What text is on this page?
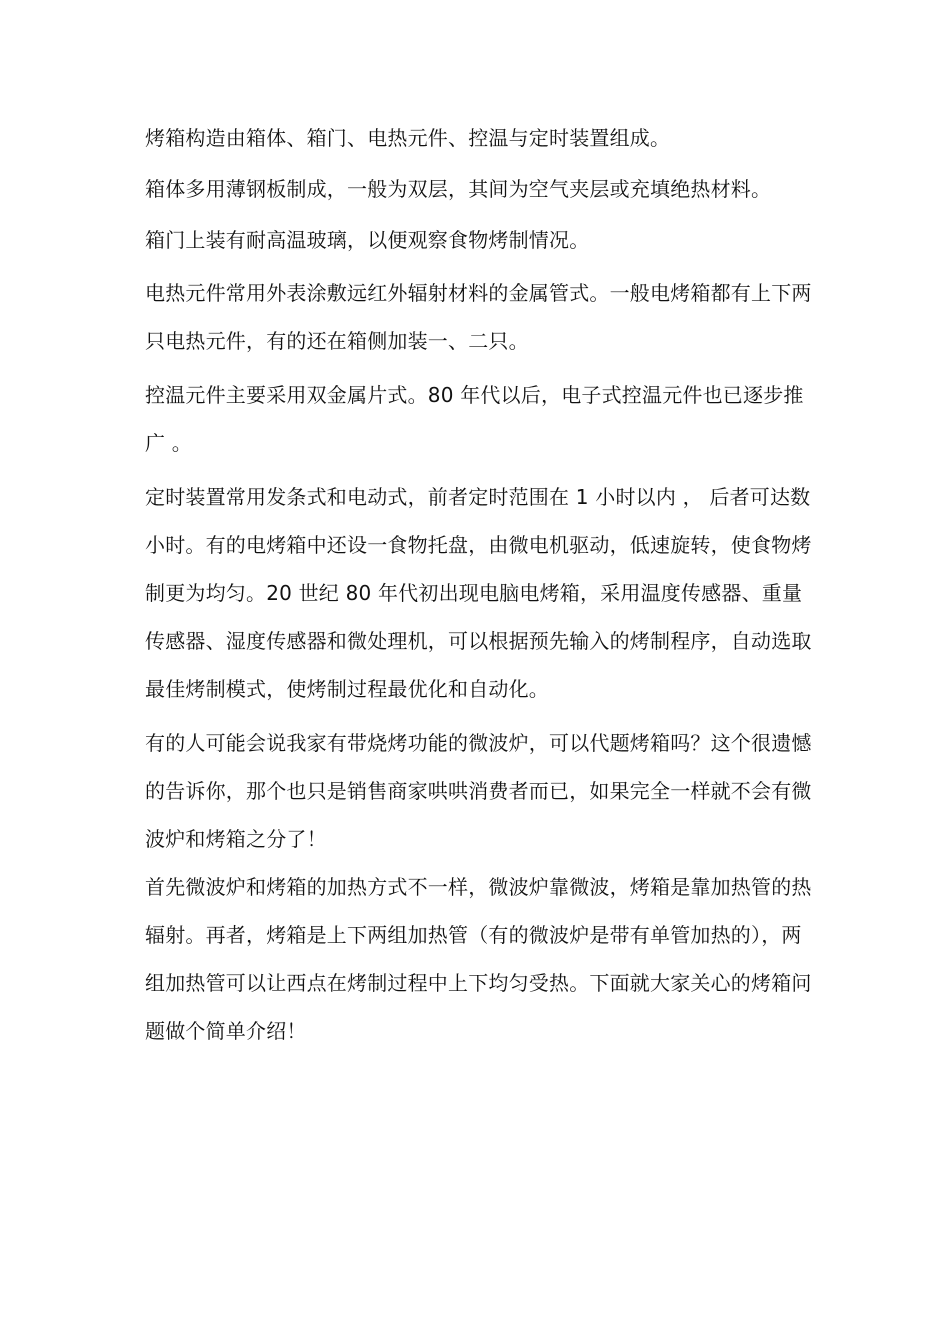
烤箱构造由箱体、箱门、电热元件、控温与定时装置组成。

箱体多用薄钢板制成，一般为双层，其间为空气夹层或充填绝热材料。

箱门上装有耐高温玻璃，以便观察食物烤制情况。

电热元件常用外表涂敷远红外辐射材料的金属管式。一般电烤箱都有上下两只电热元件，有的还在箱侧加装一、二只。

控温元件主要采用双金属片式。80 年代以后，电子式控温元件也已逐步推广 。

定时装置常用发条式和电动式，前者定时范围在 1 小时以内 ， 后者可达数小时。有的电烤箱中还设一食物托盘，由微电机驱动，低速旋转，使食物烤制更为均匀。20 世纪 80 年代初出现电脑电烤箱，采用温度传感器、重量传感器、湿度传感器和微处理机，可以根据预先输入的烤制程序，自动选取最佳烤制模式，使烤制过程最优化和自动化。

有的人可能会说我家有带烧烤功能的微波炉，可以代题烤箱吗？这个很遗憾的告诉你，那个也只是销售商家哄哄消费者而已，如果完全一样就不会有微波炉和烤箱之分了！

首先微波炉和烤箱的加热方式不一样，微波炉靠微波，烤箱是靠加热管的热辐射。再者，烤箱是上下两组加热管（有的微波炉是带有单管加热的），两组加热管可以让西点在烤制过程中上下均匀受热。下面就大家关心的烤箱问题做个简单介绍！
